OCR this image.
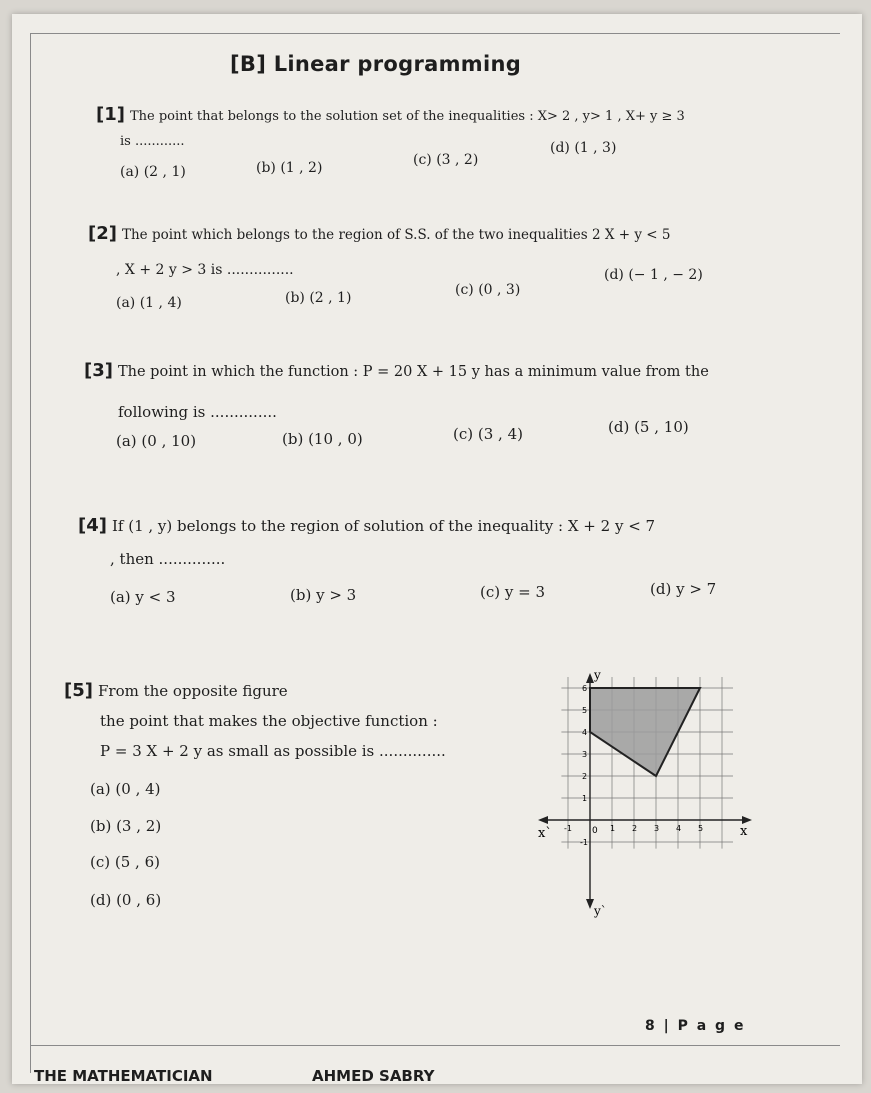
[B] Linear programming
[1] The point that belongs to the solution set of the inequalities : X> 2 , y> 1 , X+ y ≥ 3
is ............
(a) (2 , 1)	(b) (1 , 2)	(c) (3 , 2)
(d) (1 , 3)
[2] The point which belongs to the region of S.S. of the two inequalities 2 X + y < 5
, X + 2 y > 3 is ...............
(a) (1 , 4)	(b) (2 , 1)	(c) (0 , 3)
(d) (− 1 , − 2)
[3] The point in which the function : P = 20 X + 15 y has a minimum value from the
following is ..............
(a) (0 , 10)	(b) (10 , 0)	(c) (3 , 4)	(d) (5 , 10)
[4] If (1 , y) belongs to the region of solution of the inequality : X + 2 y < 7
, then ..............
(a) y < 3	(b) y > 3	(c) y = 3	(d) y > 7
[5] From the opposite figure
the point that makes the objective function :
P = 3 X + 2 y as small as possible is ..............
(a) (0 , 4)
(b) (3 , 2)
(c) (5 , 6)
(d) (0 , 6)
y
x
x`
y`
0 1 2 3 4 5
-1
1
2
3
4
5
6
-1
8 | P a g e
THE MATHEMATICIAN	AHMED SABRY
